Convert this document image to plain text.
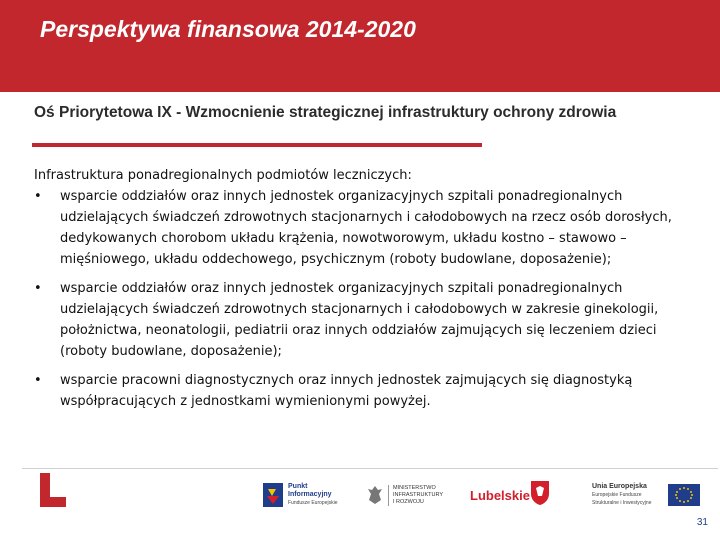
Perspektywa finansowa 2014-2020
Oś Priorytetowa IX - Wzmocnienie strategicznej infrastruktury ochrony zdrowia
Infrastruktura ponadregionalnych podmiotów leczniczych:
• wsparcie oddziałów oraz innych jednostek organizacyjnych szpitali ponadregionalnych udzielających świadczeń zdrowotnych stacjonarnych i całodobowych na rzecz osób dorosłych, dedykowanych chorobom układu krążenia, nowotworowym, układu kostno – stawowo – mięśniowego, układu oddechowego, psychicznym (roboty budowlane, doposażenie);
• wsparcie oddziałów oraz innych jednostek organizacyjnych szpitali ponadregionalnych udzielających świadczeń zdrowotnych stacjonarnych i całodobowych w zakresie ginekologii, położnictwa, neonatologii, pediatrii oraz innych oddziałów zajmujących się leczeniem dzieci (roboty budowlane, doposażenie);
• wsparcie pracowni diagnostycznych oraz innych jednostek zajmujących się diagnostyką współpracujących z jednostkami wymienionymi powyżej.
Punkt
Informacyjny
Fundusze Europejskie
MINISTERSTWO
INFRASTRUKTURY
I ROZWOJU	Lubelskie
Unia Europejska
Europejskie Fundusze
Strukturalne i Inwestycyjne
31
